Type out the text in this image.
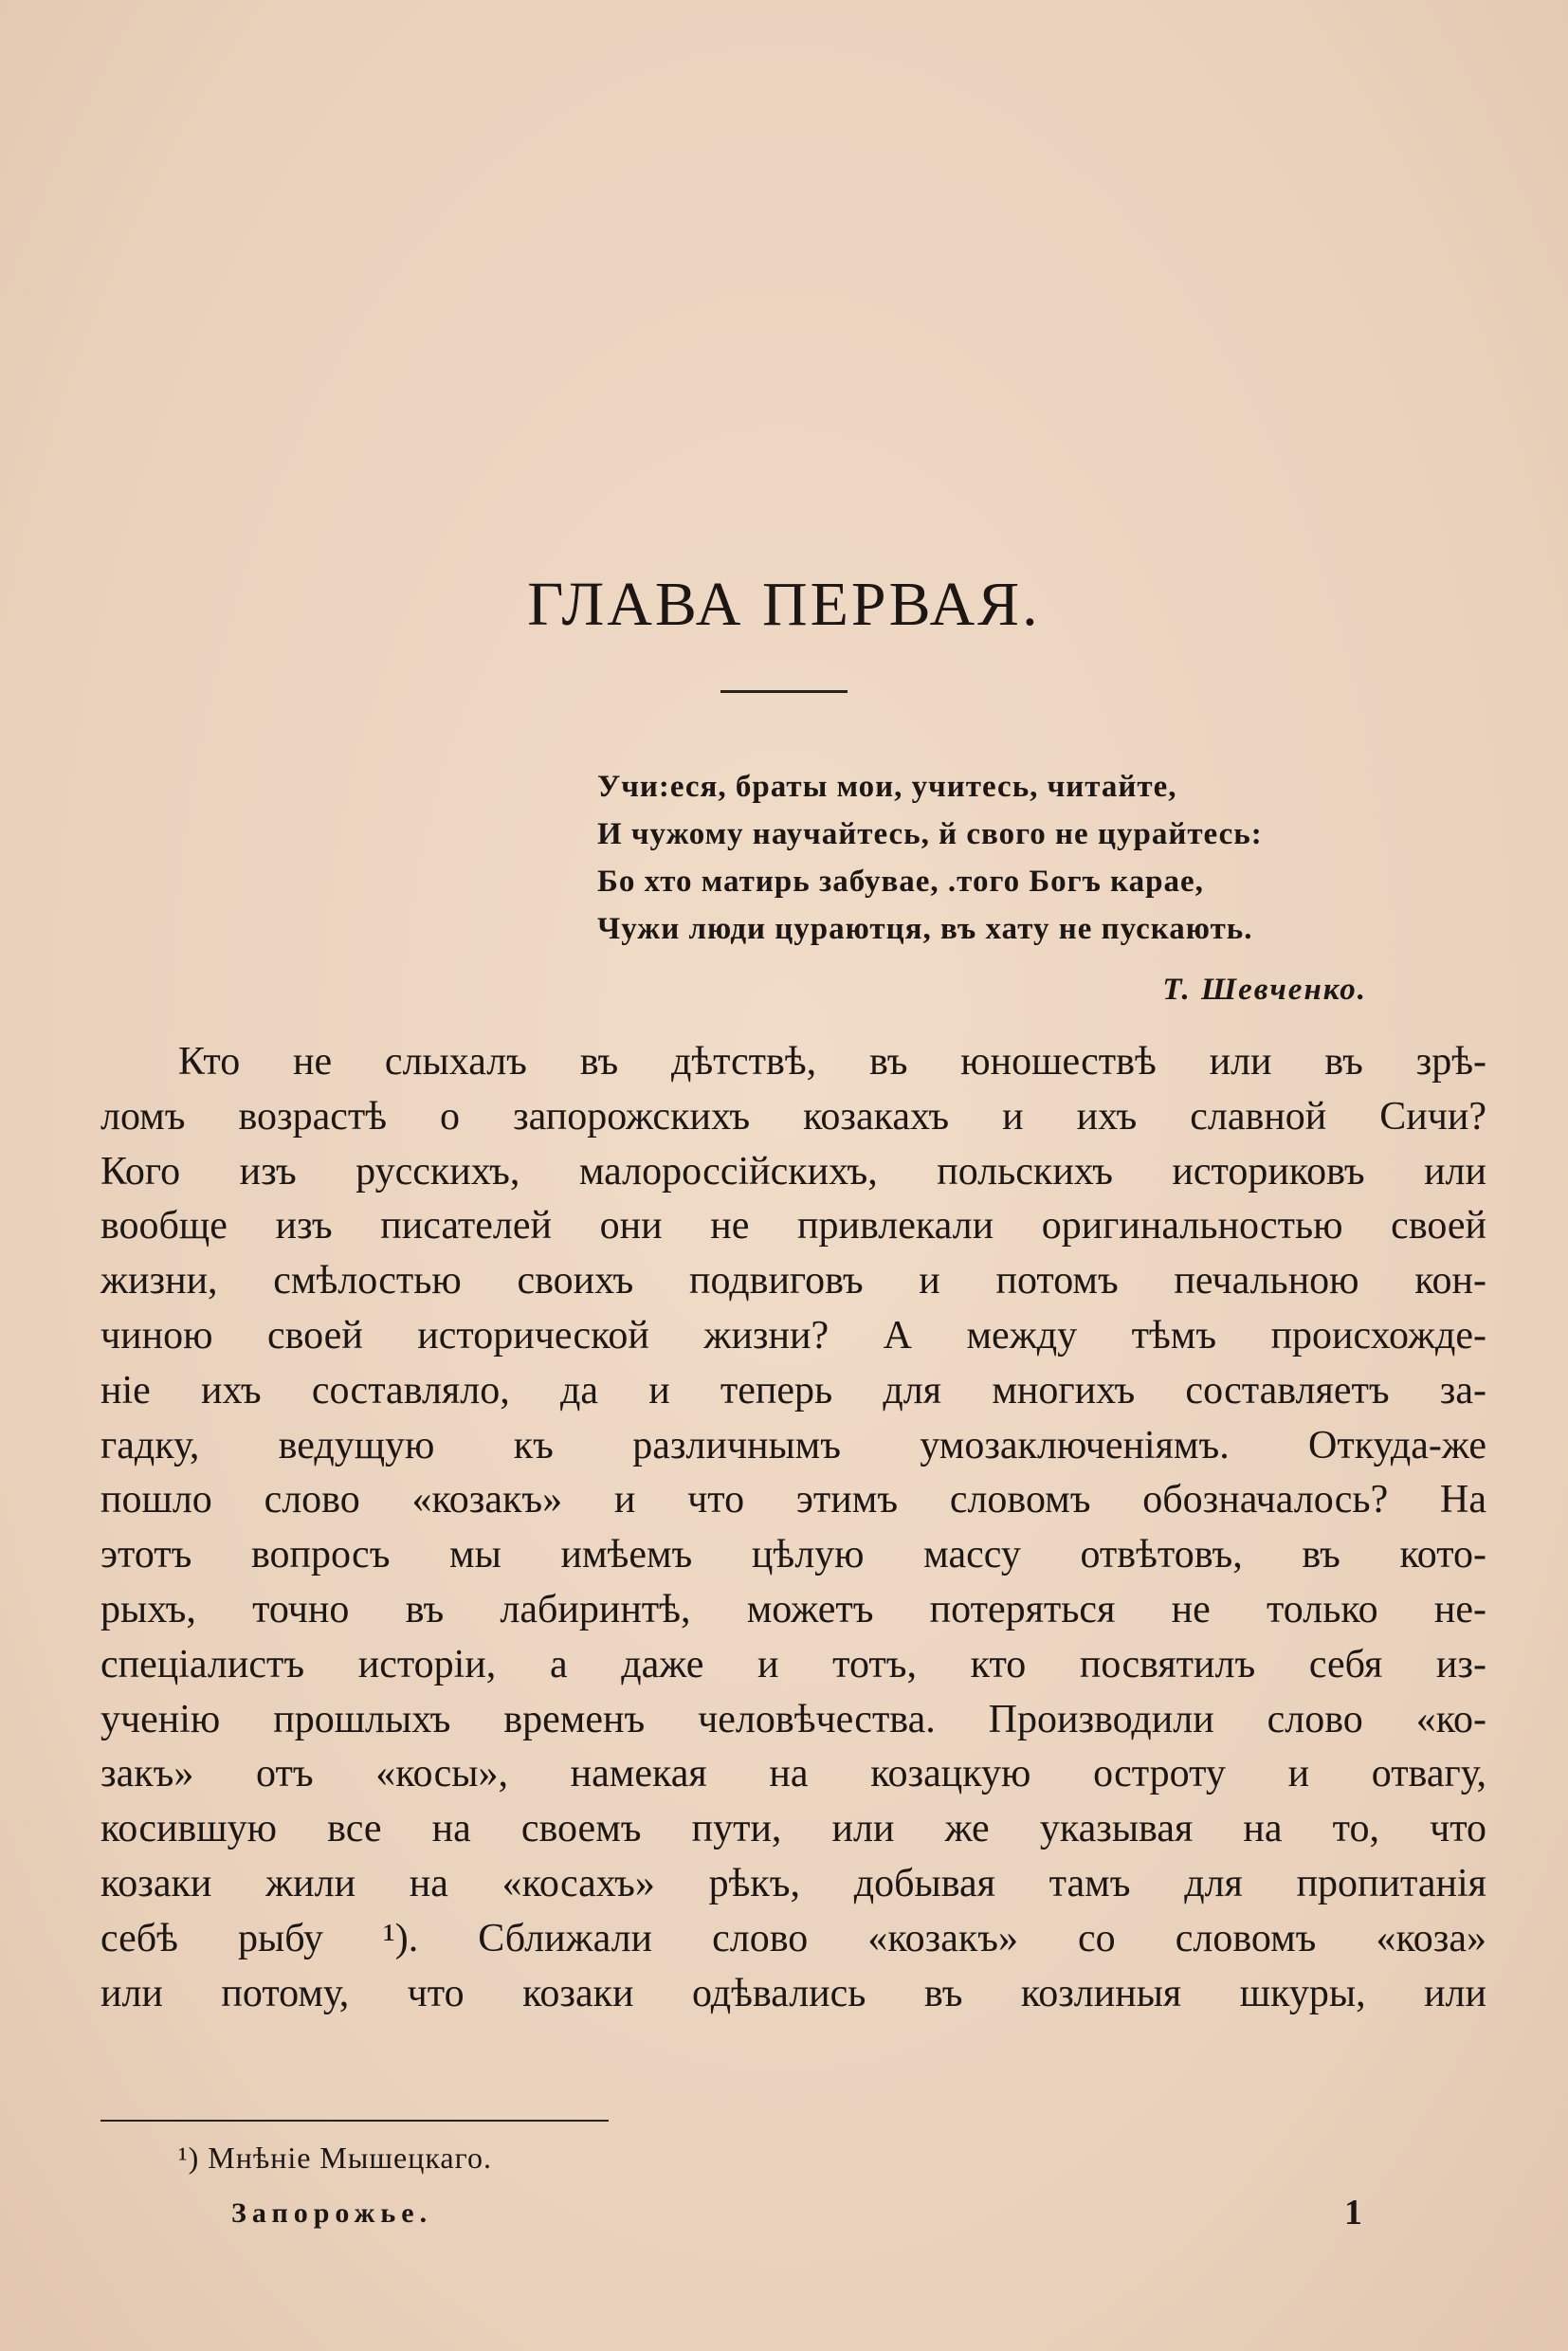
ГЛАВА ПЕРВАЯ.
Учи:еся, браты мои, учитесь, читайте,
И чужому научайтесь, й свого не цурайтесь:
Бо хто матирь забувае, .того Богъ карае,
Чужи люди цураютця, въ хату не пускають.
Т. Шевченко.
Кто не слыхалъ въ дѣтствѣ, въ юношествѣ или въ зрѣ-
ломъ возрастѣ о запорожскихъ козакахъ и ихъ славной Сичи?
Кого изъ русскихъ, малороссійскихъ, польскихъ историковъ или
вообще изъ писателей они не привлекали оригинальностью своей
жизни, смѣлостью своихъ подвиговъ и потомъ печальною кон-
чиною своей исторической жизни? А между тѣмъ происхожде-
ніе ихъ составляло, да и теперь для многихъ составляетъ за-
гадку, ведущую къ различнымъ умозаключеніямъ. Откуда-же
пошло слово «козакъ» и что этимъ словомъ обозначалось? На
этотъ вопросъ мы имѣемъ цѣлую массу отвѣтовъ, въ кото-
рыхъ, точно въ лабиринтѣ, можетъ потеряться не только не-
спеціалистъ исторіи, а даже и тотъ, кто посвятилъ себя из-
ученію прошлыхъ временъ человѣчества. Производили слово «ко-
закъ» отъ «косы», намекая на козацкую остроту и отвагу,
косившую все на своемъ пути, или же указывая на то, что
козаки жили на «косахъ» рѣкъ, добывая тамъ для пропитанія
себѣ рыбу ¹). Сближали слово «козакъ» со словомъ «коза»
или потому, что козаки одѣвались въ козлиныя шкуры, или
¹) Мнѣніе Мышецкаго.
Запорожье.	1
